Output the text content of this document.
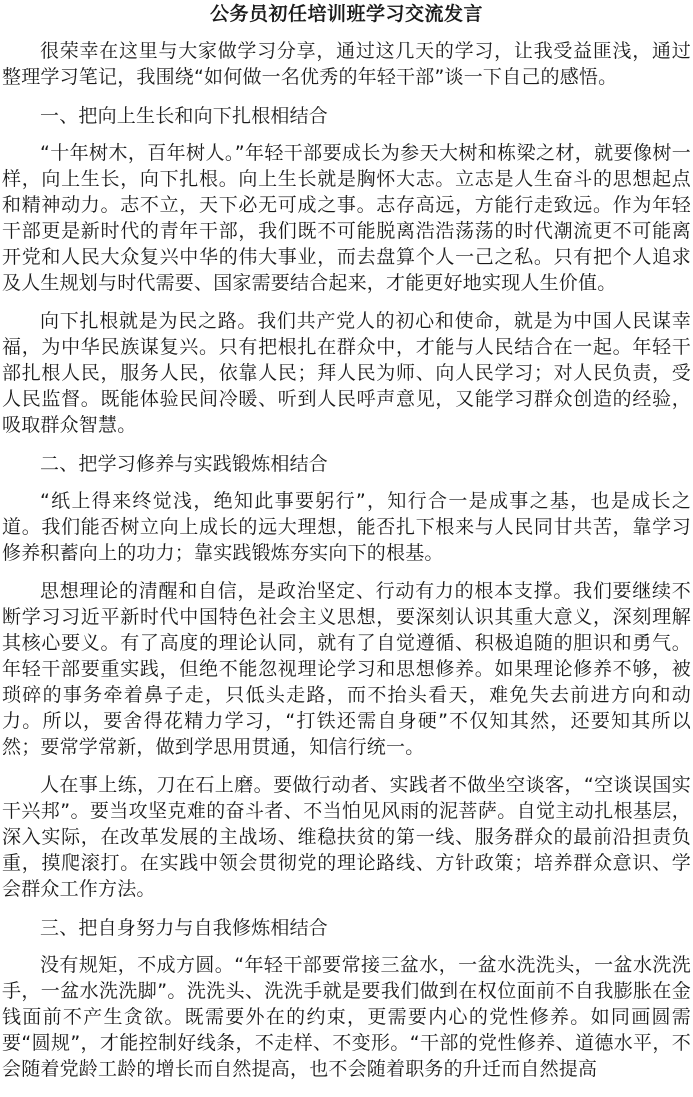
公务员初任培训班学习交流发言

很荣幸在这里与大家做学习分享，通过这几天的学习，让我受益匪浅，通过整理学习笔记，我围绕“如何做一名优秀的年轻干部”谈一下自己的感悟。

一、把向上生长和向下扎根相结合

“十年树木，百年树人。”年轻干部要成长为参天大树和栋梁之材，就要像树一样，向上生长，向下扎根。向上生长就是胸怀大志。立志是人生奋斗的思想起点和精神动力。志不立，天下必无可成之事。志存高远，方能行走致远。作为年轻干部更是新时代的青年干部，我们既不可能脱离浩浩荡荡的时代潮流更不可能离开党和人民大众复兴中华的伟大事业，而去盘算个人一己之私。只有把个人追求及人生规划与时代需要、国家需要结合起来，才能更好地实现人生价值。

向下扎根就是为民之路。我们共产党人的初心和使命，就是为中国人民谋幸福，为中华民族谋复兴。只有把根扎在群众中，才能与人民结合在一起。年轻干部扎根人民，服务人民，依靠人民；拜人民为师、向人民学习；对人民负责，受人民监督。既能体验民间冷暖、听到人民呼声意见，又能学习群众创造的经验，吸取群众智慧。

二、把学习修养与实践锻炼相结合

“纸上得来终觉浅，绝知此事要躬行”，知行合一是成事之基，也是成长之道。我们能否树立向上成长的远大理想，能否扎下根来与人民同甘共苦，靠学习修养积蓄向上的功力；靠实践锻炼夯实向下的根基。

思想理论的清醒和自信，是政治坚定、行动有力的根本支撑。我们要继续不断学习习近平新时代中国特色社会主义思想，要深刻认识其重大意义，深刻理解其核心要义。有了高度的理论认同，就有了自觉遵循、积极追随的胆识和勇气。年轻干部要重实践，但绝不能忽视理论学习和思想修养。如果理论修养不够，被琐碎的事务牵着鼻子走，只低头走路，而不抬头看天，难免失去前进方向和动力。所以，要舍得花精力学习，“打铁还需自身硬”不仅知其然，还要知其所以然；要常学常新，做到学思用贯通，知信行统一。

人在事上练，刀在石上磨。要做行动者、实践者不做坐空谈客，“空谈误国实干兴邦”。要当攻坚克难的奋斗者、不当怕见风雨的泥菩萨。自觉主动扎根基层，深入实际，在改革发展的主战场、维稳扶贫的第一线、服务群众的最前沿担责负重，摸爬滚打。在实践中领会贯彻党的理论路线、方针政策；培养群众意识、学会群众工作方法。

三、把自身努力与自我修炼相结合

没有规矩，不成方圆。“年轻干部要常接三盆水，一盆水洗洗头，一盆水洗洗手，一盆水洗洗脚”。洗洗头、洗洗手就是要我们做到在权位面前不自我膨胀在金钱面前不产生贪欲。既需要外在的约束，更需要内心的党性修养。如同画圆需要“圆规”，才能控制好线条，不走样、不变形。“干部的党性修养、道德水平，不会随着党龄工龄的增长而自然提高，也不会随着职务的升迁而自然提高
